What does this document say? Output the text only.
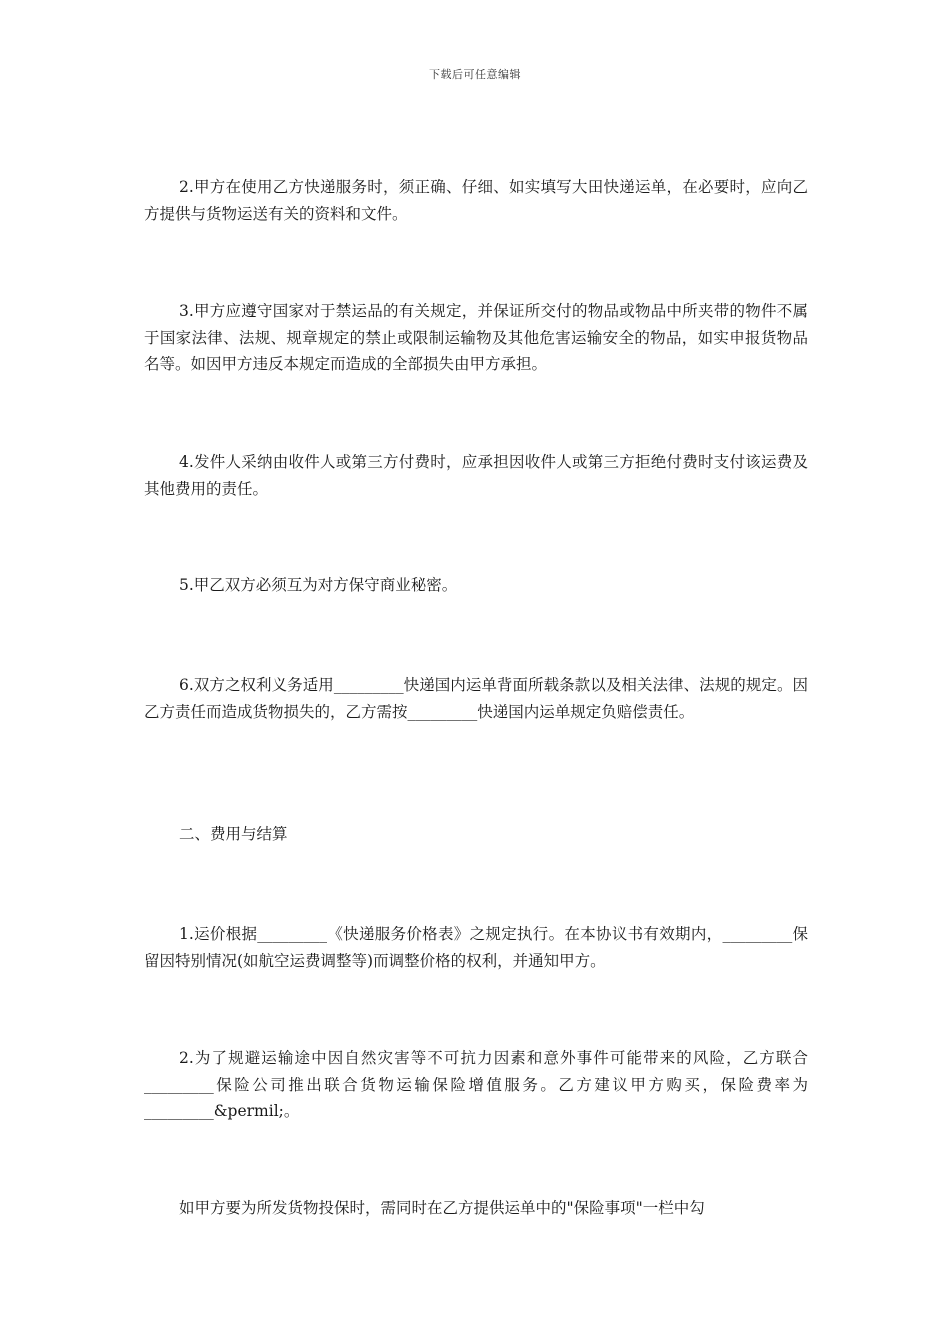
下载后可任意编辑

2.甲方在使用乙方快递服务时，须正确、仔细、如实填写大田快递运单，在必要时，应向乙方提供与货物运送有关的资料和文件。

3.甲方应遵守国家对于禁运品的有关规定，并保证所交付的物品或物品中所夹带的物件不属于国家法律、法规、规章规定的禁止或限制运输物及其他危害运输安全的物品，如实申报货物品名等。如因甲方违反本规定而造成的全部损失由甲方承担。

4.发件人采纳由收件人或第三方付费时，应承担因收件人或第三方拒绝付费时支付该运费及其他费用的责任。

5.甲乙双方必须互为对方保守商业秘密。

6.双方之权利义务适用_________快递国内运单背面所载条款以及相关法律、法规的规定。因乙方责任而造成货物损失的，乙方需按_________快递国内运单规定负赔偿责任。

二、费用与结算

1.运价根据_________《快递服务价格表》之规定执行。在本协议书有效期内，_________保留因特别情况(如航空运费调整等)而调整价格的权利，并通知甲方。

2.为了规避运输途中因自然灾害等不可抗力因素和意外事件可能带来的风险，乙方联合_________保险公司推出联合货物运输保险增值服务。乙方建议甲方购买，保险费率为_________&permil;。

如甲方要为所发货物投保时，需同时在乙方提供运单中的"保险事项"一栏中勾
